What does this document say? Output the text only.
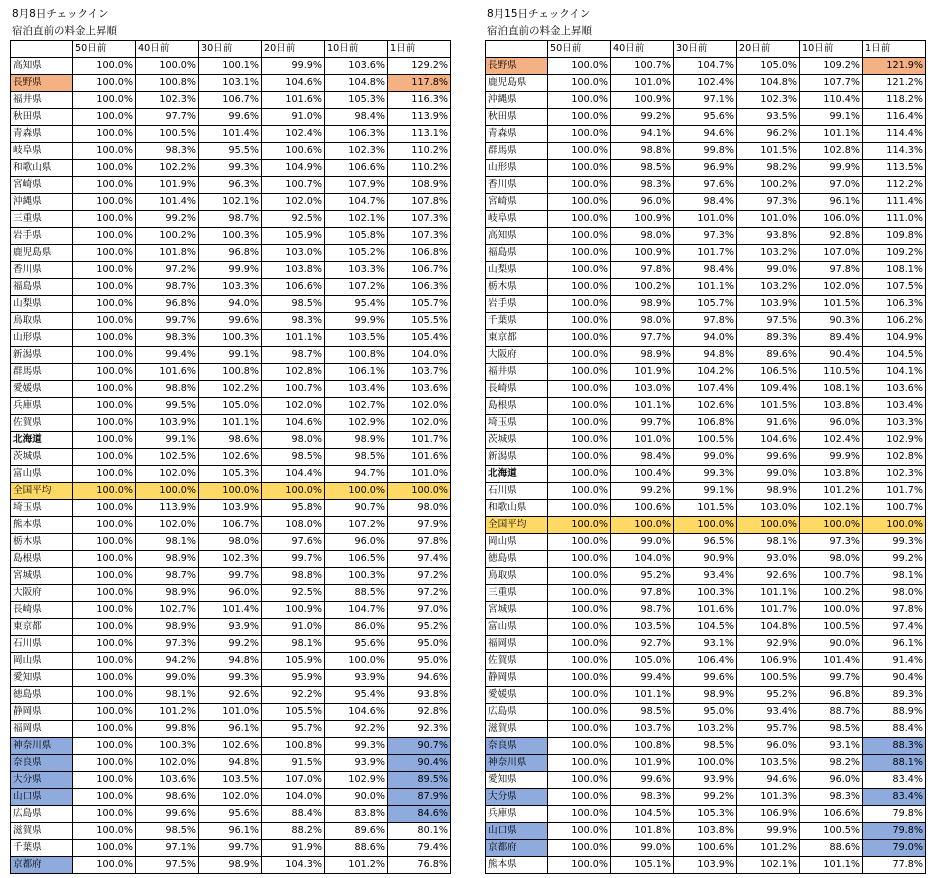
8月8日チェックイン
宿泊直前の料金上昇順
	50日前	40日前	30日前	20日前	10日前	1日前
高知県	100.0%	100.0%	100.1%	99.9%	103.6%	129.2%
長野県	100.0%	100.8%	103.1%	104.6%	104.8%	117.8%
福井県	100.0%	102.3%	106.7%	101.6%	105.3%	116.3%
秋田県	100.0%	97.7%	99.6%	91.0%	98.4%	113.9%
青森県	100.0%	100.5%	101.4%	102.4%	106.3%	113.1%
岐阜県	100.0%	98.3%	95.5%	100.6%	102.3%	110.2%
和歌山県	100.0%	102.2%	99.3%	104.9%	106.6%	110.2%
宮崎県	100.0%	101.9%	96.3%	100.7%	107.9%	108.9%
沖縄県	100.0%	101.4%	102.1%	102.0%	104.7%	107.8%
三重県	100.0%	99.2%	98.7%	92.5%	102.1%	107.3%
岩手県	100.0%	100.2%	100.3%	105.9%	105.8%	107.3%
鹿児島県	100.0%	101.8%	96.8%	103.0%	105.2%	106.8%
香川県	100.0%	97.2%	99.9%	103.8%	103.3%	106.7%
福島県	100.0%	98.7%	103.3%	106.6%	107.2%	106.3%
山梨県	100.0%	96.8%	94.0%	98.5%	95.4%	105.7%
鳥取県	100.0%	99.7%	99.6%	98.3%	99.9%	105.5%
山形県	100.0%	98.3%	100.3%	101.1%	103.5%	105.4%
新潟県	100.0%	99.4%	99.1%	98.7%	100.8%	104.0%
群馬県	100.0%	101.6%	100.8%	102.8%	106.1%	103.7%
愛媛県	100.0%	98.8%	102.2%	100.7%	103.4%	103.6%
兵庫県	100.0%	99.5%	105.0%	102.0%	102.7%	102.0%
佐賀県	100.0%	103.9%	101.1%	104.6%	102.9%	102.0%
北海道	100.0%	99.1%	98.6%	98.0%	98.9%	101.7%
茨城県	100.0%	102.5%	102.6%	98.5%	98.5%	101.6%
富山県	100.0%	102.0%	105.3%	104.4%	94.7%	101.0%
全国平均	100.0%	100.0%	100.0%	100.0%	100.0%	100.0%
埼玉県	100.0%	113.9%	103.9%	95.8%	90.7%	98.0%
熊本県	100.0%	102.0%	106.7%	108.0%	107.2%	97.9%
栃木県	100.0%	98.1%	98.0%	97.6%	96.0%	97.8%
島根県	100.0%	98.9%	102.3%	99.7%	106.5%	97.4%
宮城県	100.0%	98.7%	99.7%	98.8%	100.3%	97.2%
大阪府	100.0%	98.9%	96.0%	92.5%	88.5%	97.2%
長崎県	100.0%	102.7%	101.4%	100.9%	104.7%	97.0%
東京都	100.0%	98.9%	93.9%	91.0%	86.0%	95.2%
石川県	100.0%	97.3%	99.2%	98.1%	95.6%	95.0%
岡山県	100.0%	94.2%	94.8%	105.9%	100.0%	95.0%
愛知県	100.0%	99.0%	99.3%	95.9%	93.9%	94.6%
徳島県	100.0%	98.1%	92.6%	92.2%	95.4%	93.8%
静岡県	100.0%	101.2%	101.0%	105.5%	104.6%	92.8%
福岡県	100.0%	99.8%	96.1%	95.7%	92.2%	92.3%
神奈川県	100.0%	100.3%	102.6%	100.8%	99.3%	90.7%
奈良県	100.0%	102.0%	94.8%	91.5%	93.9%	90.4%
大分県	100.0%	103.6%	103.5%	107.0%	102.9%	89.5%
山口県	100.0%	98.6%	102.0%	104.0%	90.0%	87.9%
広島県	100.0%	99.6%	95.6%	88.4%	83.8%	84.6%
滋賀県	100.0%	98.5%	96.1%	88.2%	89.6%	80.1%
千葉県	100.0%	97.1%	99.7%	91.9%	88.6%	79.4%
京都府	100.0%	97.5%	98.9%	104.3%	101.2%	76.8%
8月15日チェックイン
宿泊直前の料金上昇順
	50日前	40日前	30日前	20日前	10日前	1日前
長野県	100.0%	100.7%	104.7%	105.0%	109.2%	121.9%
鹿児島県	100.0%	101.0%	102.4%	104.8%	107.7%	121.2%
沖縄県	100.0%	100.9%	97.1%	102.3%	110.4%	118.2%
秋田県	100.0%	99.2%	95.6%	93.5%	99.1%	116.4%
青森県	100.0%	94.1%	94.6%	96.2%	101.1%	114.4%
群馬県	100.0%	98.8%	99.8%	101.5%	102.8%	114.3%
山形県	100.0%	98.5%	96.9%	98.2%	99.9%	113.5%
香川県	100.0%	98.3%	97.6%	100.2%	97.0%	112.2%
宮崎県	100.0%	96.0%	98.4%	97.3%	96.1%	111.4%
岐阜県	100.0%	100.9%	101.0%	101.0%	106.0%	111.0%
高知県	100.0%	98.0%	97.3%	93.8%	92.8%	109.8%
福島県	100.0%	100.9%	101.7%	103.2%	107.0%	109.2%
山梨県	100.0%	97.8%	98.4%	99.0%	97.8%	108.1%
栃木県	100.0%	100.2%	101.1%	103.2%	102.0%	107.5%
岩手県	100.0%	98.9%	105.7%	103.9%	101.5%	106.3%
千葉県	100.0%	98.0%	97.8%	97.5%	90.3%	106.2%
東京都	100.0%	97.7%	94.0%	89.3%	89.4%	104.9%
大阪府	100.0%	98.9%	94.8%	89.6%	90.4%	104.5%
福井県	100.0%	101.9%	104.2%	106.5%	110.5%	104.1%
長崎県	100.0%	103.0%	107.4%	109.4%	108.1%	103.6%
島根県	100.0%	101.1%	102.6%	101.5%	103.8%	103.4%
埼玉県	100.0%	99.7%	106.8%	91.6%	96.0%	103.3%
茨城県	100.0%	101.0%	100.5%	104.6%	102.4%	102.9%
新潟県	100.0%	98.4%	99.0%	99.6%	99.9%	102.8%
北海道	100.0%	100.4%	99.3%	99.0%	103.8%	102.3%
石川県	100.0%	99.2%	99.1%	98.9%	101.2%	101.7%
和歌山県	100.0%	100.6%	101.5%	103.0%	102.1%	100.7%
全国平均	100.0%	100.0%	100.0%	100.0%	100.0%	100.0%
岡山県	100.0%	99.0%	96.5%	98.1%	97.3%	99.3%
徳島県	100.0%	104.0%	90.9%	93.0%	98.0%	99.2%
鳥取県	100.0%	95.2%	93.4%	92.6%	100.7%	98.1%
三重県	100.0%	97.8%	100.3%	101.1%	100.2%	98.0%
宮城県	100.0%	98.7%	101.6%	101.7%	100.0%	97.8%
富山県	100.0%	103.5%	104.5%	104.8%	100.5%	97.4%
福岡県	100.0%	92.7%	93.1%	92.9%	90.0%	96.1%
佐賀県	100.0%	105.0%	106.4%	106.9%	101.4%	91.4%
静岡県	100.0%	99.4%	99.6%	100.5%	99.7%	90.4%
愛媛県	100.0%	101.1%	98.9%	95.2%	96.8%	89.3%
広島県	100.0%	98.5%	95.0%	93.4%	88.7%	88.9%
滋賀県	100.0%	103.7%	103.2%	95.7%	98.5%	88.4%
奈良県	100.0%	100.8%	98.5%	96.0%	93.1%	88.3%
神奈川県	100.0%	101.9%	100.0%	103.5%	98.2%	88.1%
愛知県	100.0%	99.6%	93.9%	94.6%	96.0%	83.4%
大分県	100.0%	98.3%	99.2%	101.3%	98.3%	83.4%
兵庫県	100.0%	104.5%	105.3%	106.9%	106.6%	79.8%
山口県	100.0%	101.8%	103.8%	99.9%	100.5%	79.8%
京都府	100.0%	99.0%	100.6%	101.2%	88.6%	79.0%
熊本県	100.0%	105.1%	103.9%	102.1%	101.1%	77.8%
